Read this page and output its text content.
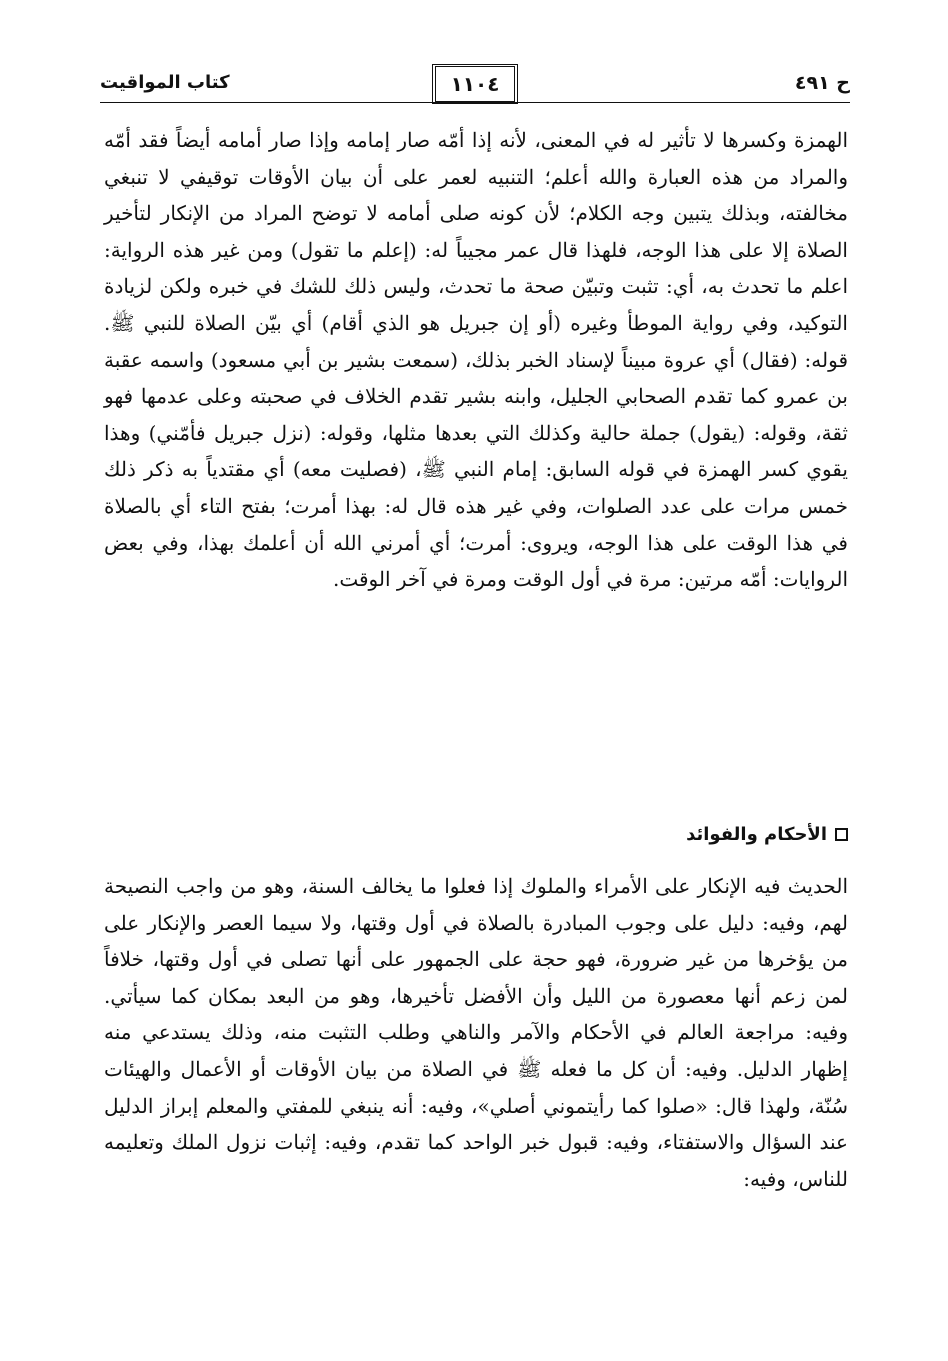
ح ٤٩١
١١٠٤
كتاب المواقيت

الهمزة وكسرها لا تأثير له في المعنى، لأنه إذا أمّه صار إمامه وإذا صار أمامه أيضاً فقد أمّه والمراد من هذه العبارة والله أعلم؛ التنبيه لعمر على أن بيان الأوقات توقيفي لا تنبغي مخالفته، وبذلك يتبين وجه الكلام؛ لأن كونه صلى أمامه لا توضح المراد من الإنكار لتأخير الصلاة إلا على هذا الوجه، فلهذا قال عمر مجيباً له: (إعلم ما تقول) ومن غير هذه الرواية: اعلم ما تحدث به، أي: تثبت وتبيّن صحة ما تحدث، وليس ذلك للشك في خبره ولكن لزيادة التوكيد، وفي رواية الموطأ وغيره (أو إن جبريل هو الذي أقام) أي بيّن الصلاة للنبي ﷺ. قوله: (فقال) أي عروة مبيناً لإسناد الخبر بذلك، (سمعت بشير بن أبي مسعود) واسمه عقبة بن عمرو كما تقدم الصحابي الجليل، وابنه بشير تقدم الخلاف في صحبته وعلى عدمها فهو ثقة، وقوله: (يقول) جملة حالية وكذلك التي بعدها مثلها، وقوله: (نزل جبريل فأمّني) وهذا يقوي كسر الهمزة في قوله السابق: إمام النبي ﷺ، (فصليت معه) أي مقتدياً به ذكر ذلك خمس مرات على عدد الصلوات، وفي غير هذه قال له: بهذا أمرت؛ بفتح التاء أي بالصلاة في هذا الوقت على هذا الوجه، ويروى: أمرت؛ أي أمرني الله أن أعلمك بهذا، وفي بعض الروايات: أمّه مرتين: مرة في أول الوقت ومرة في آخر الوقت.

الأحكام والفوائد

الحديث فيه الإنكار على الأمراء والملوك إذا فعلوا ما يخالف السنة، وهو من واجب النصيحة لهم، وفيه: دليل على وجوب المبادرة بالصلاة في أول وقتها، ولا سيما العصر والإنكار على من يؤخرها من غير ضرورة، فهو حجة على الجمهور على أنها تصلى في أول وقتها، خلافاً لمن زعم أنها معصورة من الليل وأن الأفضل تأخيرها، وهو من البعد بمكان كما سيأتي. وفيه: مراجعة العالم في الأحكام والآمر والناهي وطلب التثبت منه، وذلك يستدعي منه إظهار الدليل. وفيه: أن كل ما فعله ﷺ في الصلاة من بيان الأوقات أو الأعمال والهيئات سُنّة، ولهذا قال: «صلوا كما رأيتموني أصلي»، وفيه: أنه ينبغي للمفتي والمعلم إبراز الدليل عند السؤال والاستفتاء، وفيه: قبول خبر الواحد كما تقدم، وفيه: إثبات نزول الملك وتعليمه للناس، وفيه:
